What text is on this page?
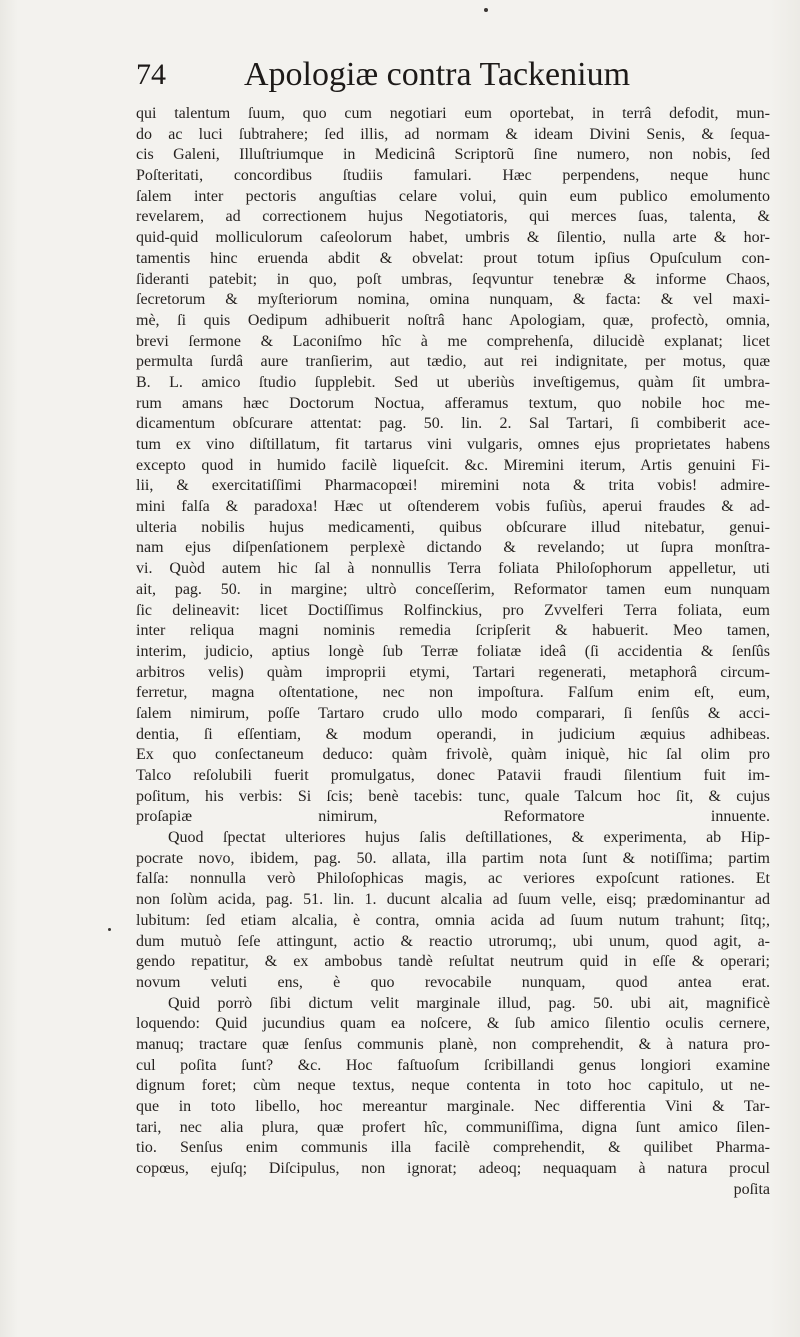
74 Apologiæ contra Tackenium
qui talentum ſuum, quo cum negotiari eum oportebat, in terrâ defodit, mun-
do ac luci ſubtrahere; ſed illis, ad normam & ideam Divini Senis, & ſequa-
cis Galeni, Illuſtriumque in Medicinâ Scriptorũ ſine numero, non nobis, ſed
Poſteritati, concordibus ſtudiis famulari. Hæc perpendens, neque hunc
ſalem inter pectoris anguſtias celare volui, quin eum publico emolumento
revelarem, ad correctionem hujus Negotiatoris, qui merces ſuas, talenta, &
quid-quid molliculorum caſeolorum habet, umbris & ſilentio, nulla arte & hor-
tamentis hinc eruenda abdit & obvelat: prout totum ipſius Opuſculum con-
ſideranti patebit; in quo, poſt umbras, ſeqvuntur tenebræ & informe Chaos,
ſecretorum & myſteriorum nomina, omina nunquam, & facta: & vel maxi-
mè, ſi quis Oedipum adhibuerit noſtrâ hanc Apologiam, quæ, profectò, omnia,
brevi ſermone & Laconiſmo hîc à me comprehenſa, dilucidè explanat; licet
permulta ſurdâ aure tranſierim, aut tædio, aut rei indignitate, per motus, quæ
B. L. amico ſtudio ſupplebit. Sed ut uberiùs inveſtigemus, quàm ſit umbra-
rum amans hæc Doctorum Noctua, afferamus textum, quo nobile hoc me-
dicamentum obſcurare attentat: pag. 50. lin. 2. Sal Tartari, ſi combiberit ace-
tum ex vino diſtillatum, fit tartarus vini vulgaris, omnes ejus proprietates habens
excepto quod in humido facilè liqueſcit. &c. Miremini iterum, Artis genuini Fi-
lii, & exercitatiſſimi Pharmacopœi! miremini nota & trita vobis! admire-
mini falſa & paradoxa! Hæc ut oſtenderem vobis fuſiùs, aperui fraudes & ad-
ulteria nobilis hujus medicamenti, quibus obſcurare illud nitebatur, genui-
nam ejus diſpenſationem perplexè dictando & revelando; ut ſupra monſtra-
vi. Quòd autem hic ſal à nonnullis Terra foliata Philoſophorum appelletur, uti
ait, pag. 50. in margine; ultrò conceſſerim, Reformator tamen eum nunquam
ſic delineavit: licet Doctiſſimus Rolfinckius, pro Zvvelferi Terra foliata, eum
inter reliqua magni nominis remedia ſcripſerit & habuerit. Meo tamen,
interim, judicio, aptius longè ſub Terræ foliatæ ideâ (ſi accidentia & ſenſûs
arbitros velis) quàm improprii etymi, Tartari regenerati, metaphorâ circum-
ferretur, magna oſtentatione, nec non impoſtura. Falſum enim eſt, eum,
ſalem nimirum, poſſe Tartaro crudo ullo modo comparari, ſi ſenſûs & acci-
dentia, ſi eſſentiam, & modum operandi, in judicium æquius adhibeas.
Ex quo conſectaneum deduco: quàm frivolè, quàm iniquè, hic ſal olim pro
Talco reſolubili fuerit promulgatus, donec Patavii fraudi ſilentium fuit im-
poſitum, his verbis: Si ſcis; benè tacebis: tunc, quale Talcum hoc ſit, & cujus
proſapiæ nimirum, Reformatore innuente.
Quod ſpectat ulteriores hujus ſalis deſtillationes, & experimenta, ab Hip-
pocrate novo, ibidem, pag. 50. allata, illa partim nota ſunt & notiſſima; partim
falſa: nonnulla verò Philoſophicas magis, ac veriores expoſcunt rationes. Et
non ſolùm acida, pag. 51. lin. 1. ducunt alcalia ad ſuum velle, eisq; prædominantur ad
lubitum: ſed etiam alcalia, è contra, omnia acida ad ſuum nutum trahunt; ſitq;,
dum mutuò ſeſe attingunt, actio & reactio utrorumq;, ubi unum, quod agit, a-
gendo repatitur, & ex ambobus tandè reſultat neutrum quid in eſſe & operari;
novum veluti ens, è quo revocabile nunquam, quod antea erat.
Quid porrò ſibi dictum velit marginale illud, pag. 50. ubi ait, magnificè
loquendo: Quid jucundius quam ea noſcere, & ſub amico ſilentio oculis cernere,
manuq; tractare quæ ſenſus communis planè, non comprehendit, & à natura pro-
cul poſita ſunt? &c. Hoc faſtuoſum ſcribillandi genus longiori examine
dignum foret; cùm neque textus, neque contenta in toto hoc capitulo, ut ne-
que in toto libello, hoc mereantur marginale. Nec differentia Vini & Tar-
tari, nec alia plura, quæ profert hîc, communiſſima, digna ſunt amico ſilen-
tio. Senſus enim communis illa facilè comprehendit, & quilibet Pharma-
copœus, ejuſq; Diſcipulus, non ignorat; adeoq; nequaquam à natura procul
poſita
